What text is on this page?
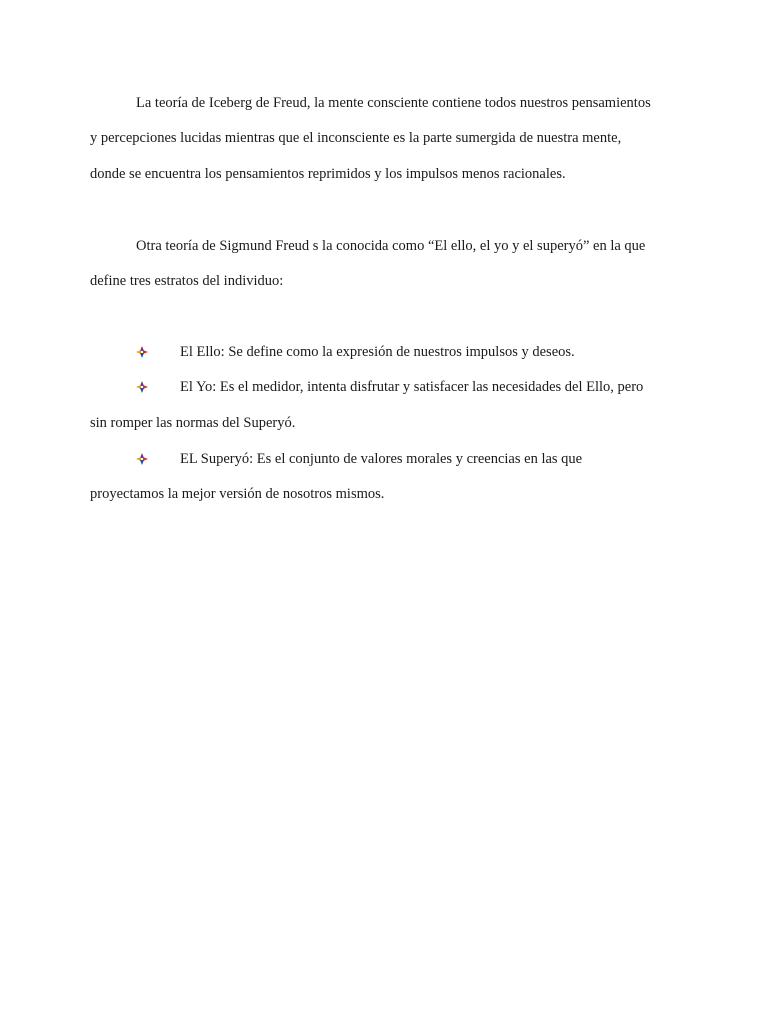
La teoría de Iceberg de Freud, la mente consciente contiene todos nuestros pensamientos
y percepciones lucidas mientras que el inconsciente es la parte sumergida de nuestra mente,
donde se encuentra los pensamientos reprimidos y los impulsos menos racionales.
Otra teoría de Sigmund Freud s la conocida como “El ello, el yo y el superyó” en la que
define tres estratos del individuo:
El Ello: Se define como la expresión de nuestros impulsos y deseos.
El Yo: Es el medidor, intenta disfrutar y satisfacer las necesidades del Ello, pero
sin romper las normas del Superyó.
EL Superyó: Es el conjunto de valores morales y creencias en las que
proyectamos la mejor versión de nosotros mismos.
